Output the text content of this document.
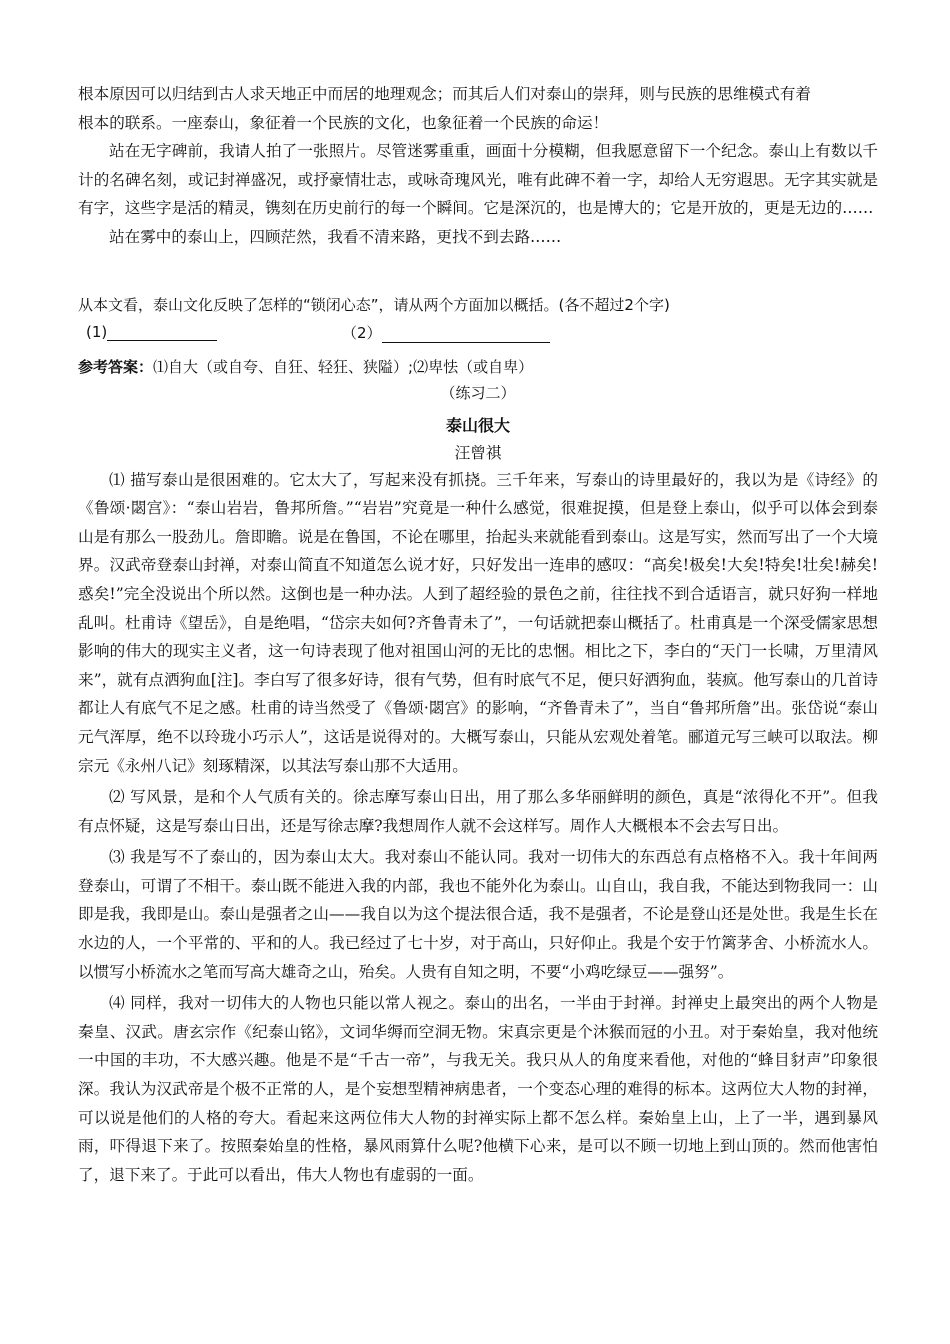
根本原因可以归结到古人求天地正中而居的地理观念；而其后人们对泰山的崇拜，则与民族的思维模式有着
根本的联系。一座泰山，象征着一个民族的文化，也象征着一个民族的命运！

站在无字碑前，我请人拍了一张照片。尽管迷雾重重，画面十分模糊，但我愿意留下一个纪念。泰山上有数以千计的名碑名刻，或记封禅盛况，或抒豪情壮志，或咏奇瑰风光，唯有此碑不着一字，却给人无穷遐思。无字其实就是有字，这些字是活的精灵，镌刻在历史前行的每一个瞬间。它是深沉的，也是博大的；它是开放的，更是无边的……

站在雾中的泰山上，四顾茫然，我看不清来路，更找不到去路……

从本文看，泰山文化反映了怎样的“锁闭心态”，请从两个方面加以概括。(各不超过2个字)
(1)	（2）
参考答案：⑴自大（或自夸、自狂、轻狂、狭隘）;⑵卑怯（或自卑）
（练习二）
泰山很大
汪曾祺

⑴ 描写泰山是很困难的。它太大了，写起来没有抓挠。三千年来，写泰山的诗里最好的，我以为是《诗经》的《鲁颂·閟宫》：“泰山岩岩，鲁邦所詹。”“岩岩”究竟是一种什么感觉，很难捉摸，但是登上泰山，似乎可以体会到泰山是有那么一股劲儿。詹即瞻。说是在鲁国，不论在哪里，抬起头来就能看到泰山。这是写实，然而写出了一个大境界。汉武帝登泰山封禅，对泰山简直不知道怎么说才好，只好发出一连串的感叹：“高矣!极矣!大矣!特矣!壮矣!赫矣!惑矣!”完全没说出个所以然。这倒也是一种办法。人到了超经验的景色之前，往往找不到合适语言，就只好狗一样地乱叫。杜甫诗《望岳》，自是绝唱，“岱宗夫如何?齐鲁青未了”，一句话就把泰山概括了。杜甫真是一个深受儒家思想影响的伟大的现实主义者，这一句诗表现了他对祖国山河的无比的忠悃。相比之下，李白的“天门一长啸，万里清风来”，就有点洒狗血[注]。李白写了很多好诗，很有气势，但有时底气不足，便只好洒狗血，装疯。他写泰山的几首诗都让人有底气不足之感。杜甫的诗当然受了《鲁颂·閟宫》的影响，“齐鲁青未了”，当自“鲁邦所詹”出。张岱说“泰山元气浑厚，绝不以玲珑小巧示人”，这话是说得对的。大概写泰山，只能从宏观处着笔。郦道元写三峡可以取法。柳宗元《永州八记》刻琢精深，以其法写泰山那不大适用。

⑵ 写风景，是和个人气质有关的。徐志摩写泰山日出，用了那么多华丽鲜明的颜色，真是“浓得化不开”。但我有点怀疑，这是写泰山日出，还是写徐志摩?我想周作人就不会这样写。周作人大概根本不会去写日出。

⑶ 我是写不了泰山的，因为泰山太大。我对泰山不能认同。我对一切伟大的东西总有点格格不入。我十年间两登泰山，可谓了不相干。泰山既不能进入我的内部，我也不能外化为泰山。山自山，我自我，不能达到物我同一：山即是我，我即是山。泰山是强者之山——我自以为这个提法很合适，我不是强者，不论是登山还是处世。我是生长在水边的人，一个平常的、平和的人。我已经过了七十岁，对于高山，只好仰止。我是个安于竹篱茅舍、小桥流水人。以惯写小桥流水之笔而写高大雄奇之山，殆矣。人贵有自知之明，不要“小鸡吃绿豆——强努”。

⑷ 同样，我对一切伟大的人物也只能以常人视之。泰山的出名，一半由于封禅。封禅史上最突出的两个人物是秦皇、汉武。唐玄宗作《纪泰山铭》，文词华缛而空洞无物。宋真宗更是个沐猴而冠的小丑。对于秦始皇，我对他统一中国的丰功，不大感兴趣。他是不是“千古一帝”，与我无关。我只从人的角度来看他，对他的“蜂目豺声”印象很深。我认为汉武帝是个极不正常的人，是个妄想型精神病患者，一个变态心理的难得的标本。这两位大人物的封禅，可以说是他们的人格的夸大。看起来这两位伟大人物的封禅实际上都不怎么样。秦始皇上山，上了一半，遇到暴风雨，吓得退下来了。按照秦始皇的性格，暴风雨算什么呢?他横下心来，是可以不顾一切地上到山顶的。然而他害怕了，退下来了。于此可以看出，伟大人物也有虚弱的一面。
